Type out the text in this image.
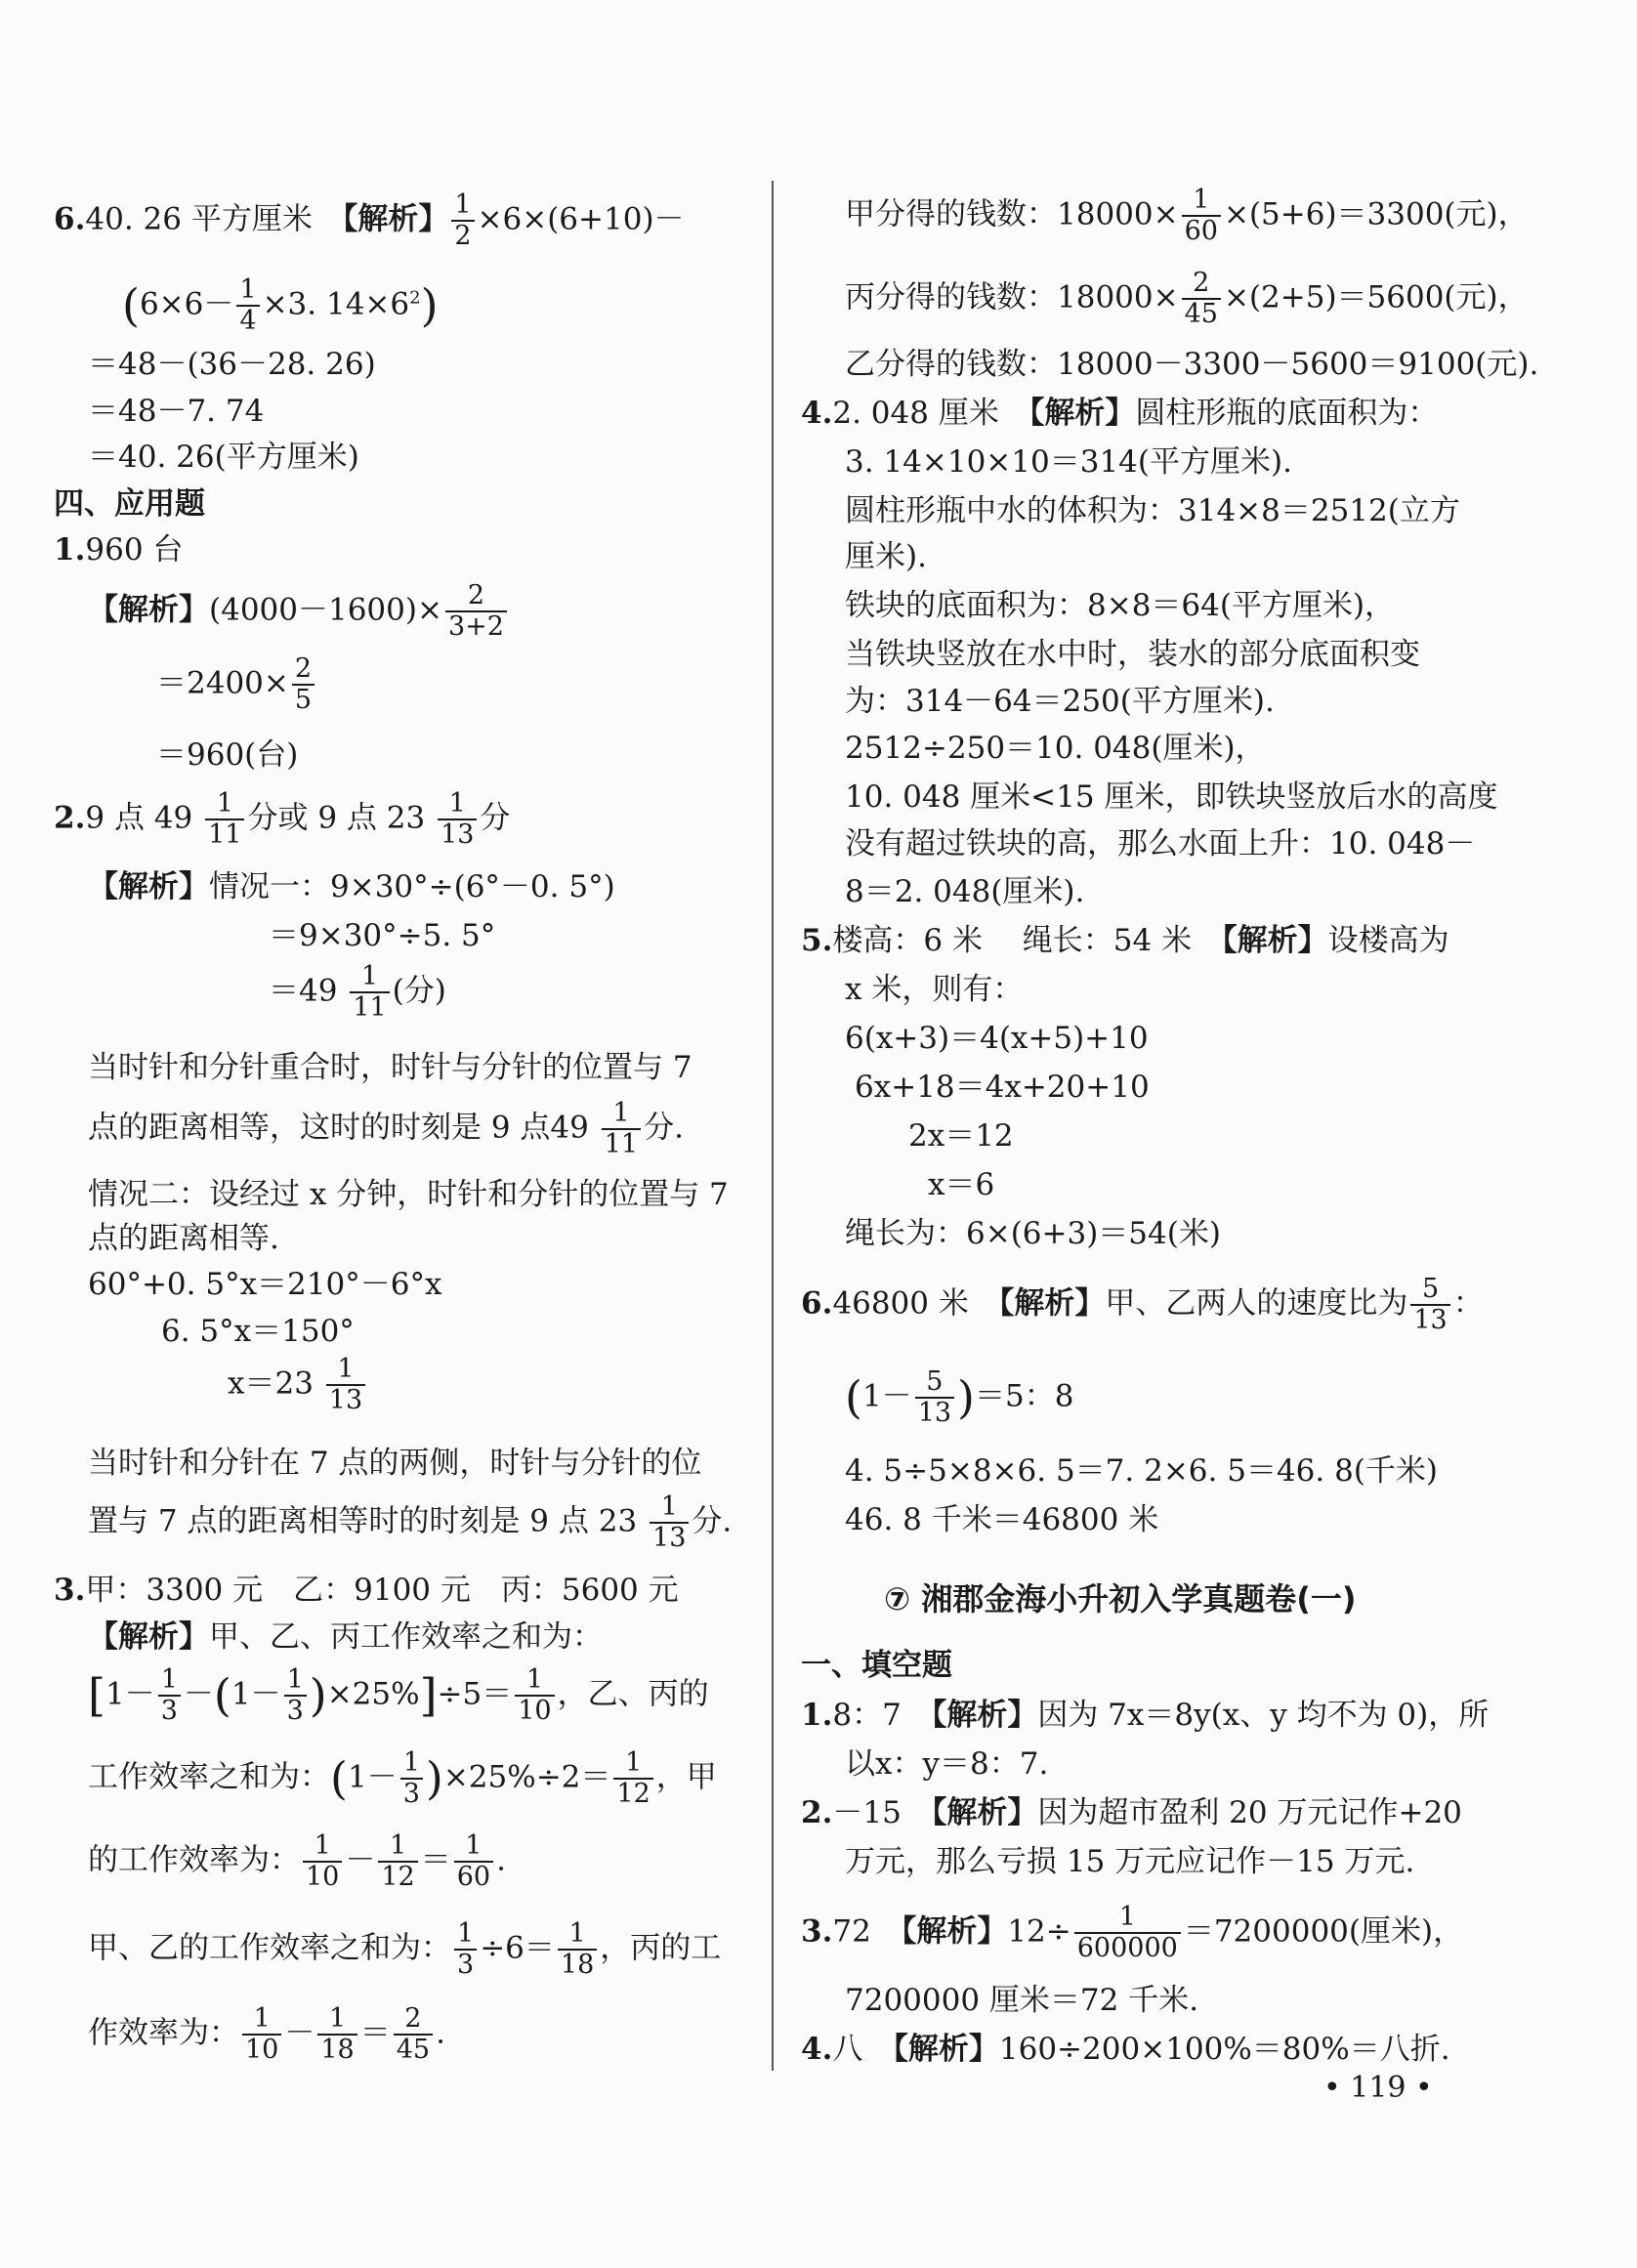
6.40. 26 平方厘米　 【解析】 $\frac{1}{2} \times 6\times(6+10)-$
($6\times 6- \frac{1}{4} \times 3$. $14\times 6^2$)
＝48－(36－28. 26)
＝48－7. 74
＝40. 26(平方厘米)
四、应用题
1.960 台
【解析】$(4000-1600)\times \frac{2}{3+2}$
$=2400\times \frac{2}{5}$
＝960(台)
2.9 点 $49 \frac{1}{11}$ 分或 9 点 $23 \frac{1}{13}$ 分
【解析】情况一：9×30°÷(6°－0. 5°)
＝9×30°÷5. 5°
$=49 \frac{1}{11}$ (分)
当时针和分针重合时，时针与分针的位置与 7
点的距离相等，这时的时刻是 9 点$49 \frac{1}{11}$ 分.
情况二：设经过 x 分钟，时针和分针的位置与 7
点的距离相等.
60°+0. 5°x＝210°－6°x
6. 5°x＝150°
$x=23 \frac{1}{13}$
当时针和分针在 7 点的两侧，时针与分针的位
置与 7 点的距离相等时的时刻是 9 点 $23 \frac{1}{13}$ 分.
3.甲：3300 元　乙：9100 元　丙：5600 元
【解析】甲、乙、丙工作效率之和为：
$[1- \frac{1}{3} -(1- \frac{1}{3} )\times 25\%]\div 5= \frac{1}{10}$ ，乙、丙的
工作效率之和为：$(1- \frac{1}{3} )\times 25\%\div 2= \frac{1}{12}$ ，甲
的工作效率为： $\frac{1}{10} - \frac{1}{12} = \frac{1}{60}$ .
甲、乙的工作效率之和为： $\frac{1}{3} \div 6= \frac{1}{18}$ ，丙的工
作效率为： $\frac{1}{10} - \frac{1}{18} = \frac{2}{45}$ .
甲分得的钱数：$18000\times \frac{1}{60} \times(5+6)=3300$(元)，
丙分得的钱数：$18000\times \frac{2}{45} \times(2+5)=5600$(元)，
乙分得的钱数：18000－3300－5600＝9100(元).
4.2. 048 厘米　 【解析】圆柱形瓶的底面积为：
3. 14×10×10＝314(平方厘米).
圆柱形瓶中水的体积为：314×8＝2512(立方
厘米).
铁块的底面积为：8×8＝64(平方厘米)，
当铁块竖放在水中时，装水的部分底面积变
为：314－64＝250(平方厘米).
2512÷250＝10. 048(厘米)，
10. 048 厘米<15 厘米，即铁块竖放后水的高度
没有超过铁块的高，那么水面上升：10. 048－
8＝2. 048(厘米).
5.楼高：6 米　 绳长：54 米　 【解析】设楼高为
x 米，则有：
6(x+3)＝4(x+5)+10
6x+18＝4x+20+10
2x＝12
x＝6
绳长为：6×(6+3)＝54(米)
6.46800 米　 【解析】甲、乙两人的速度比为 $\frac{5}{13}$ ：
$(1- \frac{5}{13} )=5$：8
4. 5÷5×8×6. 5＝7. 2×6. 5＝46. 8(千米)
46. 8 千米＝46800 米
⑦ 湘郡金海小升初入学真题卷(一)
一、填空题
1.8：7　 【解析】因为 7x＝8y(x、y 均不为 0)，所
以x：y＝8：7.
2.－15　 【解析】因为超市盈利 20 万元记作+20
万元，那么亏损 15 万元应记作－15 万元.
3.72　 【解析】$12\div \frac{1}{600000} =7200000$(厘米)，
7200000 厘米＝72 千米.
4.八　 【解析】160÷200×100%＝80%＝八折.
• 119 •
